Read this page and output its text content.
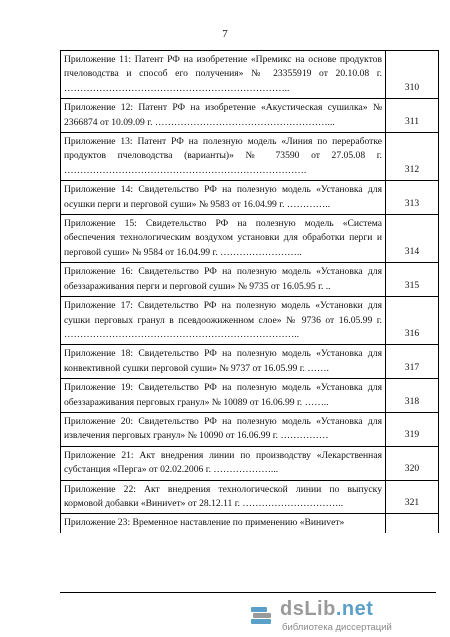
7
Приложение 11: Патент РФ на изобретение «Премикс на основе продуктов пчеловодства и способ его получения» № 23355919 от 20.10.08 г. ……………………………………………………………..	310
Приложение 12: Патент РФ на изобретение «Акустическая сушилка» № 2366874 от 10.09.09 г. ………………………………………………...	311
Приложение 13: Патент РФ на полезную модель «Линия по переработке продуктов пчеловодства (варианты)» № 73590 от 27.05.08 г. ………………………………………………………………….	312
Приложение 14: Свидетельство РФ на полезную модель «Установка для осушки перги и перговой суши» № 9583 от 16.04.99 г. …………..	313
Приложение 15: Свидетельство РФ на полезную модель «Система обеспечения технологическим воздухом установки для обработки перги и перговой суши» № 9584 от 16.04.99 г. ……………………..	314
Приложение 16: Свидетельство РФ на полезную модель «Установка для обеззараживания перги и перговой суши» № 9735 от 16.05.95 г. ..	315
Приложение 17: Свидетельство РФ на полезную модель «Установки для сушки перговых гранул в псевдоожиженном слое» № 9736 от 16.05.99 г. ………………………………………………………………..	316
Приложение 18: Свидетельство РФ на полезную модель «Установка для конвективной сушки перговой суши» № 9737 от 16.05.99 г. …….	317
Приложение 19: Свидетельство РФ на полезную модель «Установка для обеззараживания перговых гранул» № 10089 от 16.06.99 г. ……..	318
Приложение 20: Свидетельство РФ на полезную модель «Установка для извлечения перговых гранул» № 10090 от 16.06.99 г. ……………	319
Приложение 21: Акт внедрения линии по производству «Лекарственная субстанция «Перга» от 02.02.2006 г. ………………...	320
Приложение 22: Акт внедрения технологической линии по выпуску кормовой добавки «Виниvет» от 28.12.11 г. …………………………..	321
Приложение 23: Временное наставление по применению «Виниvет»	
dsLib.net
библиотека диссертаций
